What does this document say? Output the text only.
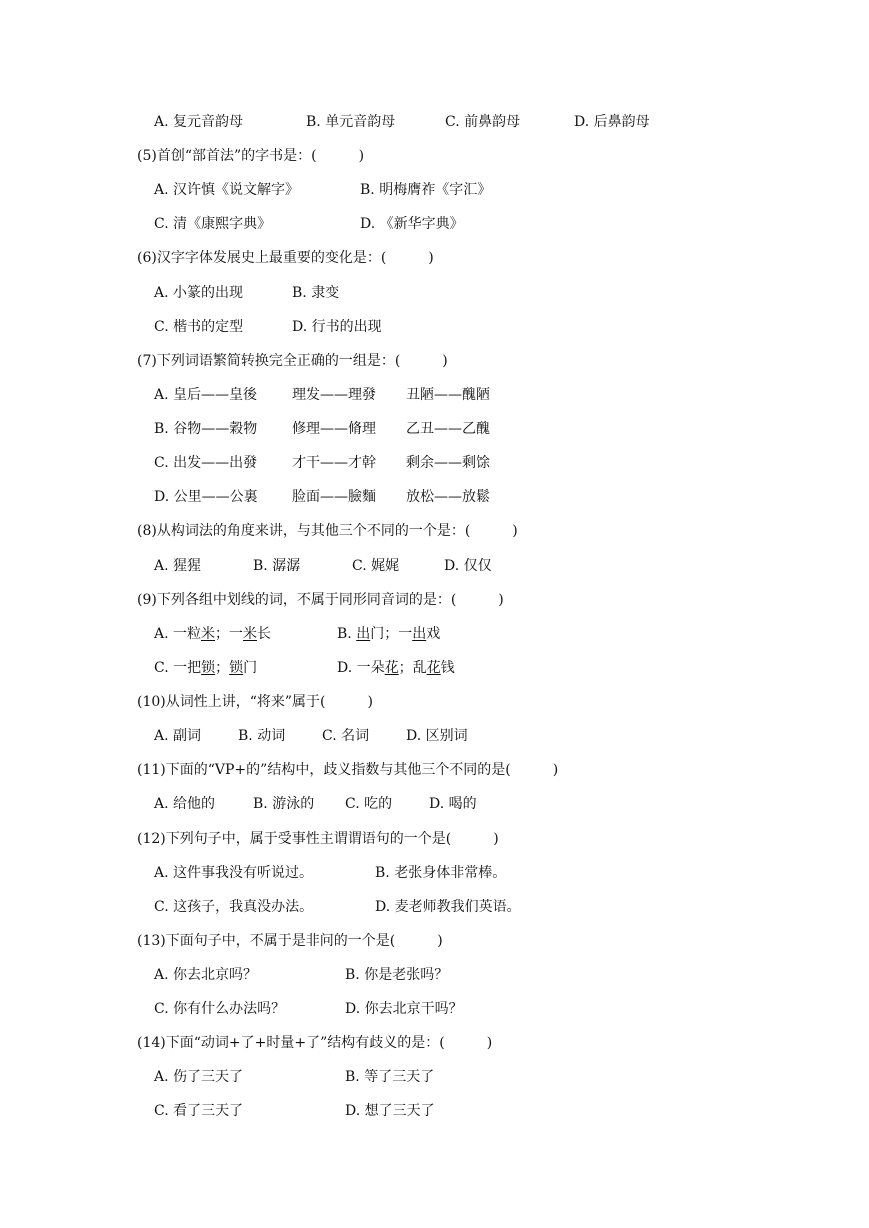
A. 复元音韵母	B. 单元音韵母	C. 前鼻韵母	D. 后鼻韵母
(5)首创“部首法”的字书是：(　　　)
A. 汉许慎《说文解字》	B. 明梅膺祚《字汇》
C. 清《康熙字典》	D. 《新华字典》
(6)汉字字体发展史上最重要的变化是：(　　　)
A. 小篆的出现	B. 隶变
C. 楷书的定型	D. 行书的出现
(7)下列词语繁简转换完全正确的一组是：(　　　)
A. 皇后——皇後 理发——理發 丑陋——醜陋
B. 谷物——穀物 修理——脩理 乙丑——乙醜
C. 出发——出發 才干——才幹 剩余——剩馀
D. 公里——公裏 脸面——臉麵 放松——放鬆
(8)从构词法的角度来讲，与其他三个不同的一个是：(　　　)
A. 猩猩	B. 潺潺	C. 娓娓	D. 仅仅
(9)下列各组中划线的词，不属于同形同音词的是：(　　　)
A. 一粒米；一米长	B. 出门；一出戏
C. 一把锁；锁门	D. 一朵花；乱花钱
(10)从词性上讲，“将来”属于(　　　)
A. 副词	B. 动词	C. 名词	D. 区别词
(11)下面的“VP+的”结构中，歧义指数与其他三个不同的是(　　　)
A. 给他的	B. 游泳的 C. 吃的	D. 喝的
(12)下列句子中，属于受事性主谓谓语句的一个是(　　　)
A. 这件事我没有听说过。	B. 老张身体非常棒。
C. 这孩子，我真没办法。	D. 麦老师教我们英语。
(13)下面句子中，不属于是非问的一个是(　　　)
A. 你去北京吗？	B. 你是老张吗？
C. 你有什么办法吗？	D. 你去北京干吗？
(14)下面“动词+了+时量+了”结构有歧义的是：(　　　)
A. 伤了三天了	B. 等了三天了
C. 看了三天了	D. 想了三天了
